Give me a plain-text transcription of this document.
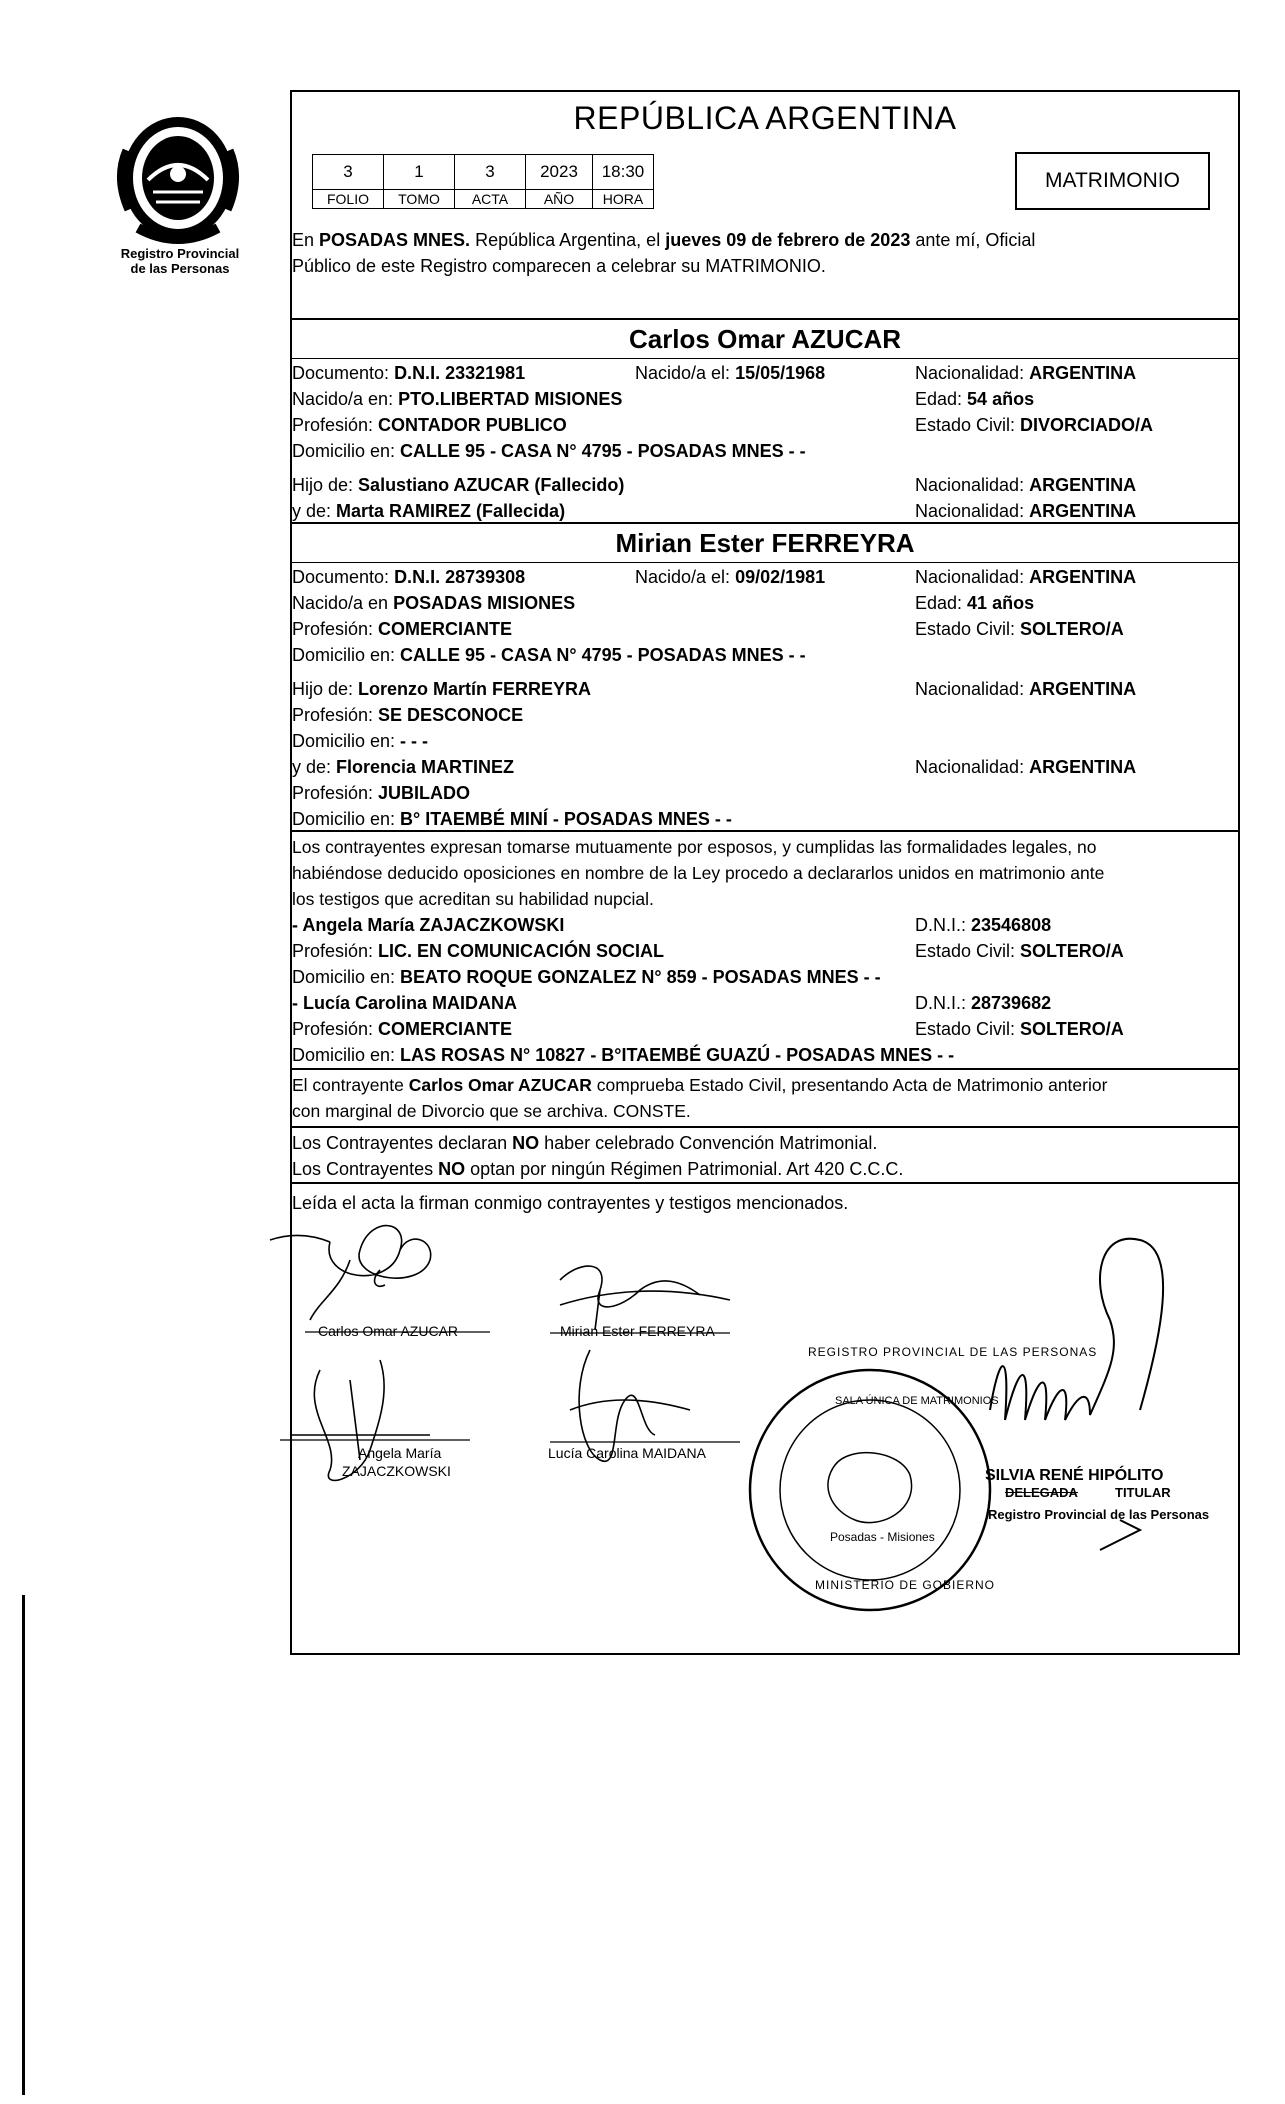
Registro Provincial
de las Personas
REPÚBLICA ARGENTINA
3	1	3	2023	18:30
FOLIO	TOMO	ACTA	AÑO	HORA
MATRIMONIO
En POSADAS MNES. República Argentina, el jueves 09 de febrero de 2023 ante mí, Oficial
Público de este Registro comparecen a celebrar su MATRIMONIO.
Carlos Omar AZUCAR
Documento: D.N.I. 23321981	Nacido/a el: 15/05/1968	Nacionalidad: ARGENTINA
Nacido/a en: PTO.LIBERTAD MISIONES	Edad: 54 años
Profesión: CONTADOR PUBLICO	Estado Civil: DIVORCIADO/A
Domicilio en: CALLE 95 - CASA N° 4795 - POSADAS MNES - -
Hijo de: Salustiano AZUCAR (Fallecido)	Nacionalidad: ARGENTINA
y de: Marta RAMIREZ (Fallecida)	Nacionalidad: ARGENTINA
Mirian Ester FERREYRA
Documento: D.N.I. 28739308	Nacido/a el: 09/02/1981	Nacionalidad: ARGENTINA
Nacido/a en POSADAS MISIONES	Edad: 41 años
Profesión: COMERCIANTE	Estado Civil: SOLTERO/A
Domicilio en: CALLE 95 - CASA N° 4795 - POSADAS MNES - -
Hijo de: Lorenzo Martín FERREYRA	Nacionalidad: ARGENTINA
Profesión: SE DESCONOCE
Domicilio en: - - -
y de: Florencia MARTINEZ	Nacionalidad: ARGENTINA
Profesión: JUBILADO
Domicilio en: B° ITAEMBÉ MINÍ - POSADAS MNES - -
Los contrayentes expresan tomarse mutuamente por esposos, y cumplidas las formalidades legales, no
habiéndose deducido oposiciones en nombre de la Ley procedo a declararlos unidos en matrimonio ante
los testigos que acreditan su habilidad nupcial.
- Angela María ZAJACZKOWSKI	D.N.I.: 23546808
Profesión: LIC. EN COMUNICACIÓN SOCIAL	Estado Civil: SOLTERO/A
Domicilio en: BEATO ROQUE GONZALEZ N° 859 - POSADAS MNES - -
- Lucía Carolina MAIDANA	D.N.I.: 28739682
Profesión: COMERCIANTE	Estado Civil: SOLTERO/A
Domicilio en: LAS ROSAS N° 10827 - B°ITAEMBÉ GUAZÚ - POSADAS MNES - -
El contrayente Carlos Omar AZUCAR comprueba Estado Civil, presentando Acta de Matrimonio anterior
con marginal de Divorcio que se archiva. CONSTE.
Los Contrayentes declaran NO haber celebrado Convención Matrimonial.
Los Contrayentes NO optan por ningún Régimen Patrimonial. Art 420 C.C.C.
Leída el acta la firman conmigo contrayentes y testigos mencionados.
Carlos Omar AZUCAR	Mirian Ester FERREYRA
Angela María
ZAJACZKOWSKI
Lucía Carolina MAIDANA
REGISTRO PROVINCIAL DE LAS PERSONAS
SALA ÚNICA DE MATRIMONIOS
Posadas - Misiones
MINISTERIO DE GOBIERNO
SILVIA RENÉ HIPÓLITO
DELEGADA	TITULAR
Registro Provincial de las Personas
